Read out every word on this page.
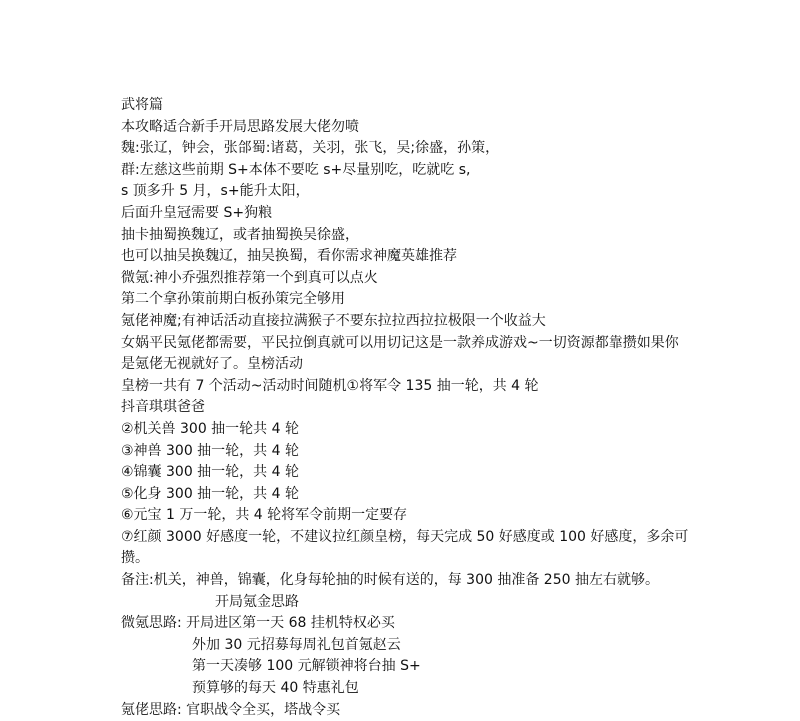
武将篇
本攻略适合新手开局思路发展大佬勿喷
魏:张辽，钟会，张郃蜀:诸葛，关羽，张飞，吴;徐盛，孙策，
群:左慈这些前期 S+本体不要吃 s+尽量别吃，吃就吃 s,
s 顶多升 5 月，s+能升太阳，
后面升皇冠需要 S+狗粮
抽卡抽蜀换魏辽，或者抽蜀换吴徐盛，
也可以抽吴换魏辽，抽吴换蜀，看你需求神魔英雄推荐
微氪:神小乔强烈推荐第一个到真可以点火
第二个拿孙策前期白板孙策完全够用
氪佬神魔;有神话活动直接拉满猴子不要东拉拉西拉拉极限一个收益大
女娲平民氪佬都需要，平民拉倒真就可以用切记这是一款养成游戏~一切资源都靠攒如果你是氪佬无视就好了。皇榜活动
皇榜一共有 7 个活动~活动时间随机①将军令 135 抽一轮，共 4 轮
抖音琪琪爸爸
②机关兽 300 抽一轮共 4 轮
③神兽 300 抽一轮，共 4 轮
④锦囊 300 抽一轮，共 4 轮
⑤化身 300 抽一轮，共 4 轮
⑥元宝 1 万一轮，共 4 轮将军令前期一定要存
⑦红颜 3000 好感度一轮，不建议拉红颜皇榜，每天完成 50 好感度或 100 好感度，多余可攒。
备注:机关，神兽，锦囊，化身每轮抽的时候有送的，每 300 抽准备 250 抽左右就够。
开局氪金思路
微氪思路: 开局进区第一天 68 挂机特权必买
外加 30 元招募每周礼包首氪赵云
第一天凑够 100 元解锁神将台抽 S+
预算够的每天 40 特惠礼包
氪佬思路: 官职战令全买，塔战令买
